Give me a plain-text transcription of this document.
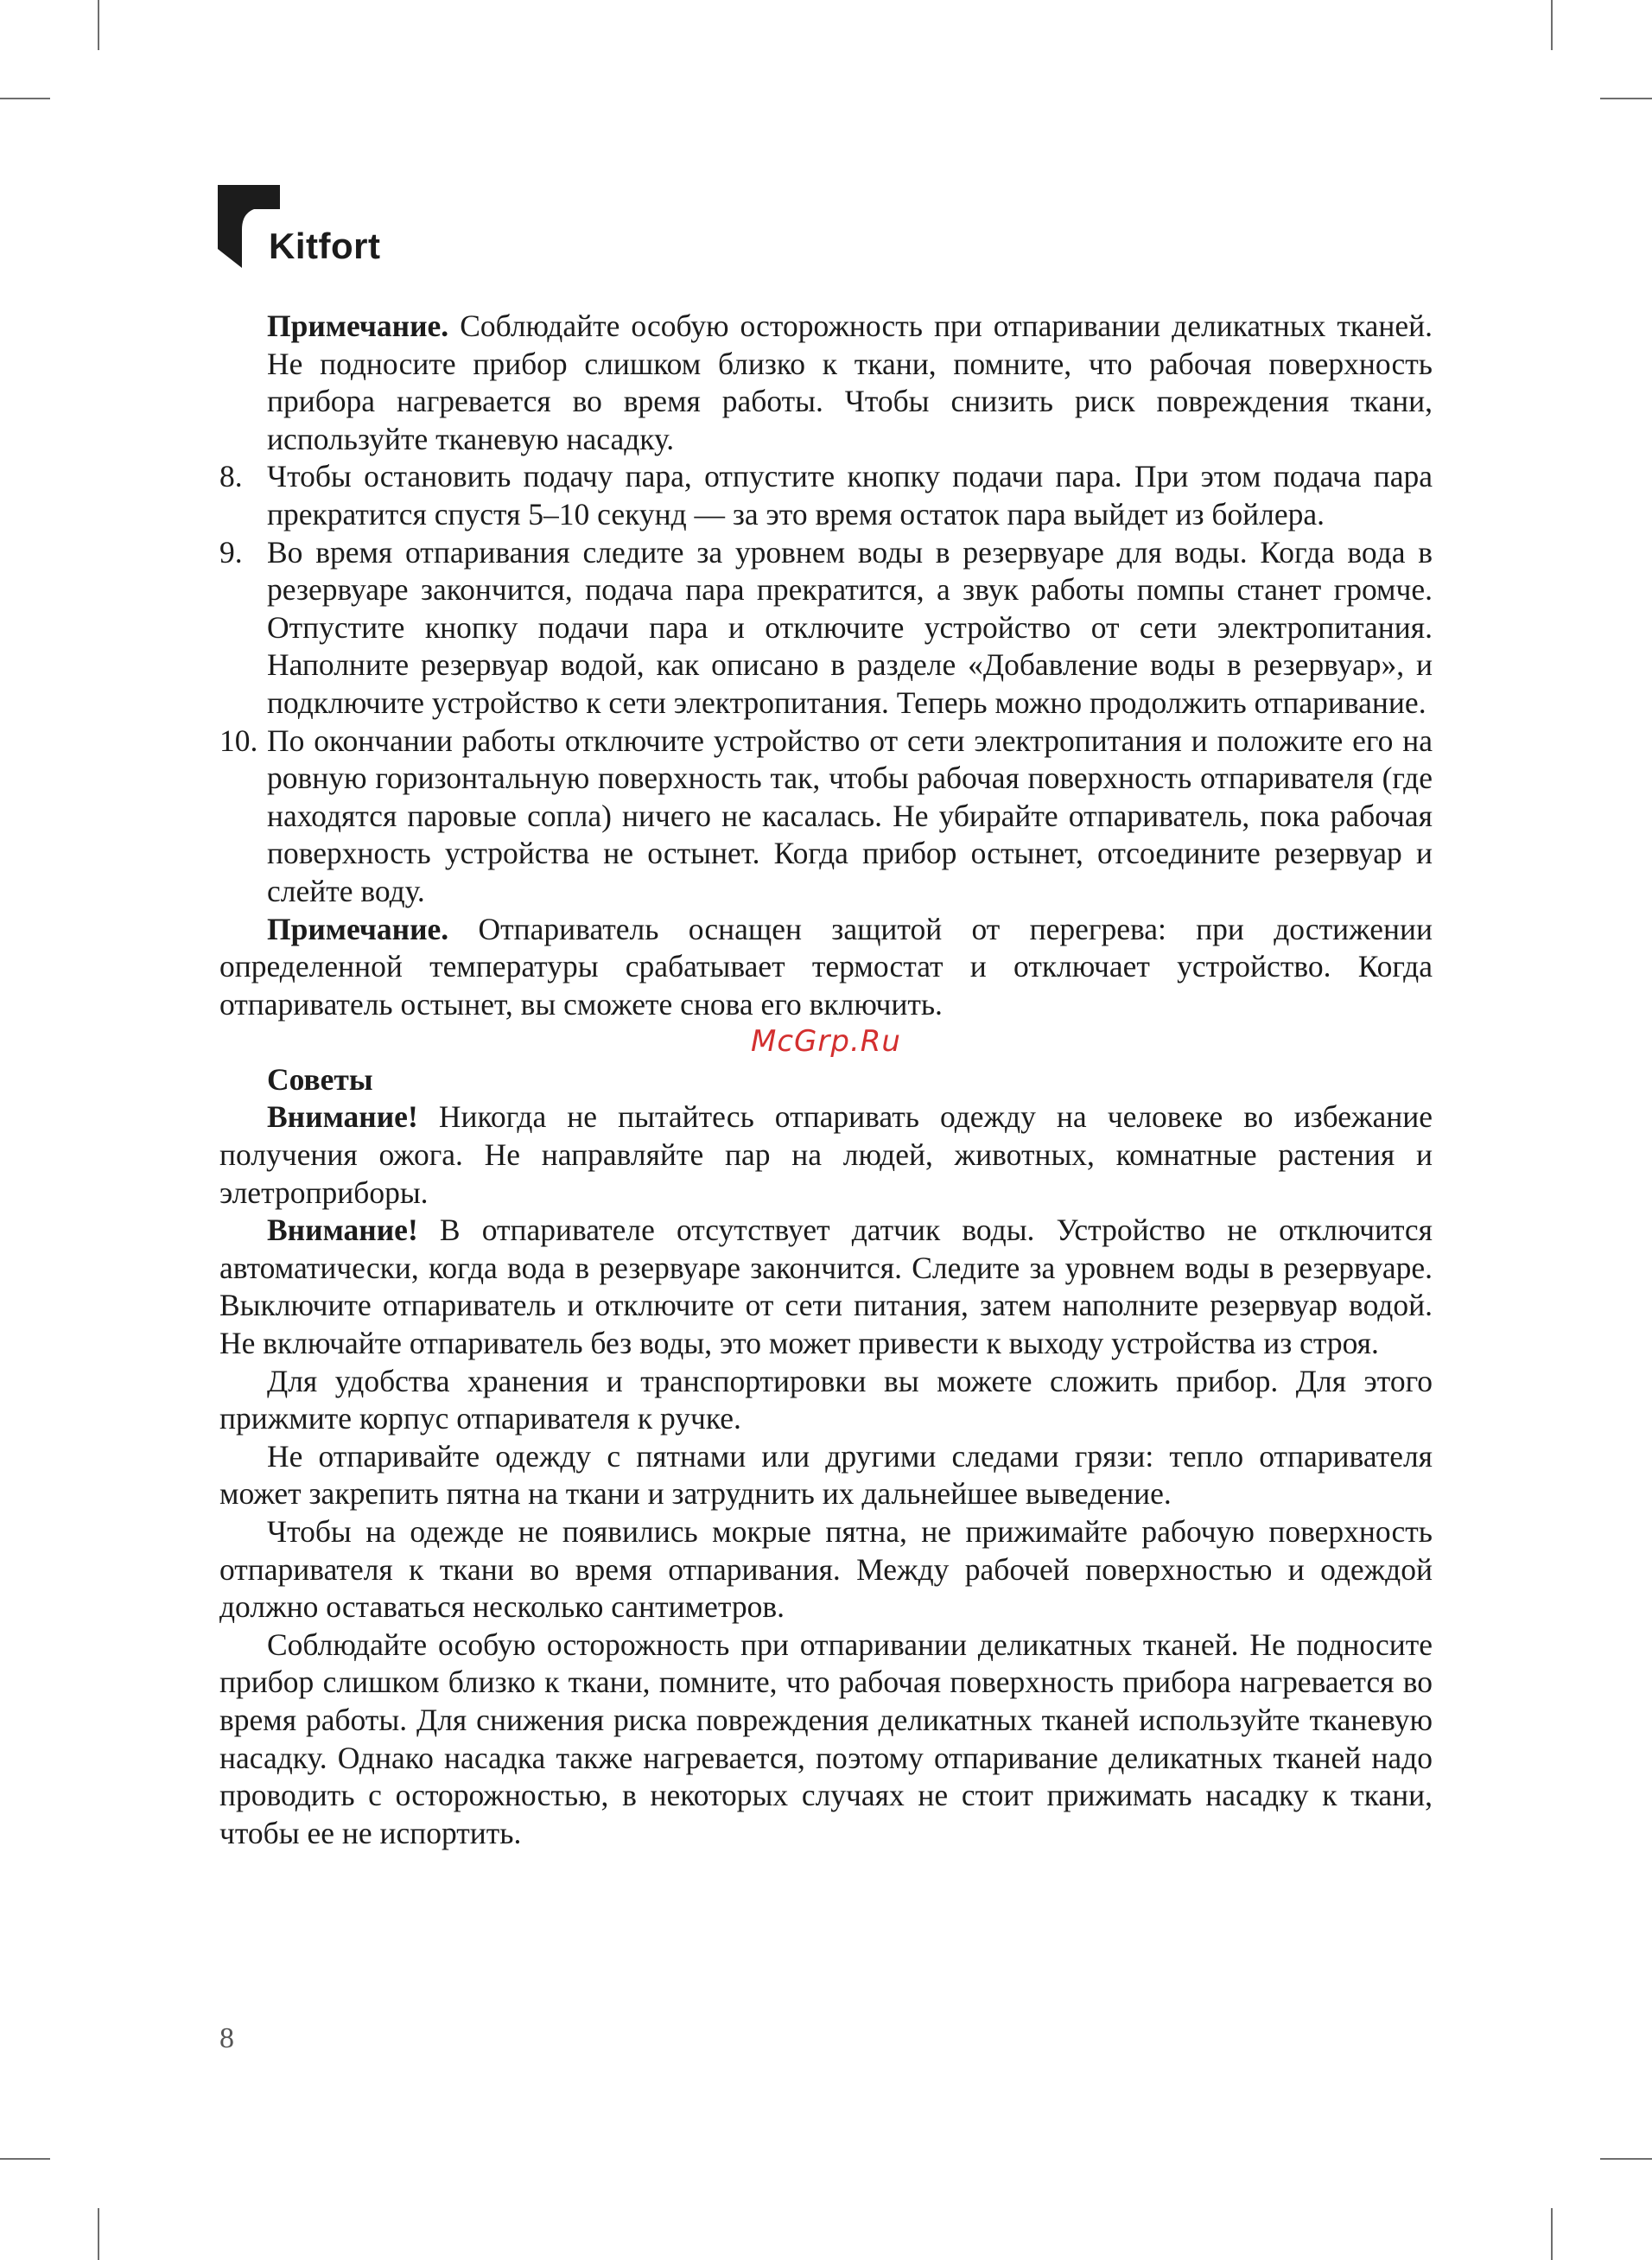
Kitfort

Примечание. Соблюдайте особую осторожность при отпаривании деликатных тканей. Не подносите прибор слишком близко к ткани, помните, что рабочая поверхность прибора нагревается во время работы. Чтобы снизить риск повреждения ткани, используйте тканевую насадку.

8. Чтобы остановить подачу пара, отпустите кнопку подачи пара. При этом подача пара прекратится спустя 5–10 секунд — за это время остаток пара выйдет из бойлера.

9. Во время отпаривания следите за уровнем воды в резервуаре для воды. Когда вода в резервуаре закончится, подача пара прекратится, а звук работы помпы станет громче. Отпустите кнопку подачи пара и отключите устройство от сети электропитания. Наполните резервуар водой, как описано в разделе «Добавление воды в резервуар», и подключите устройство к сети электропитания. Теперь можно продолжить отпаривание.

10. По окончании работы отключите устройство от сети электропитания и положите его на ровную горизонтальную поверхность так, чтобы рабочая поверхность отпаривателя (где находятся паровые сопла) ничего не касалась. Не убирайте отпариватель, пока рабочая поверхность устройства не остынет. Когда прибор остынет, отсоедините резервуар и слейте воду.

Примечание. Отпариватель оснащен защитой от перегрева: при достижении определенной температуры срабатывает термостат и отключает устройство. Когда отпариватель остынет, вы сможете снова его включить.

McGrp.Ru

Советы

Внимание! Никогда не пытайтесь отпаривать одежду на человеке во избежание получения ожога. Не направляйте пар на людей, животных, комнатные растения и элетроприборы.

Внимание! В отпаривателе отсутствует датчик воды. Устройство не отключится автоматически, когда вода в резервуаре закончится. Следите за уровнем воды в резервуаре. Выключите отпариватель и отключите от сети питания, затем наполните резервуар водой. Не включайте отпариватель без воды, это может привести к выходу устройства из строя.

Для удобства хранения и транспортировки вы можете сложить прибор. Для этого прижмите корпус отпаривателя к ручке.

Не отпаривайте одежду с пятнами или другими следами грязи: тепло отпаривателя может закрепить пятна на ткани и затруднить их дальнейшее выведение.

Чтобы на одежде не появились мокрые пятна, не прижимайте рабочую поверхность отпаривателя к ткани во время отпаривания. Между рабочей поверхностью и одеждой должно оставаться несколько сантиметров.

Соблюдайте особую осторожность при отпаривании деликатных тканей. Не подносите прибор слишком близко к ткани, помните, что рабочая поверхность прибора нагревается во время работы. Для снижения риска повреждения деликатных тканей используйте тканевую насадку. Однако насадка также нагревается, поэтому отпаривание деликатных тканей надо проводить с осторожностью, в некоторых случаях не стоит прижимать насадку к ткани, чтобы ее не испортить.

8
